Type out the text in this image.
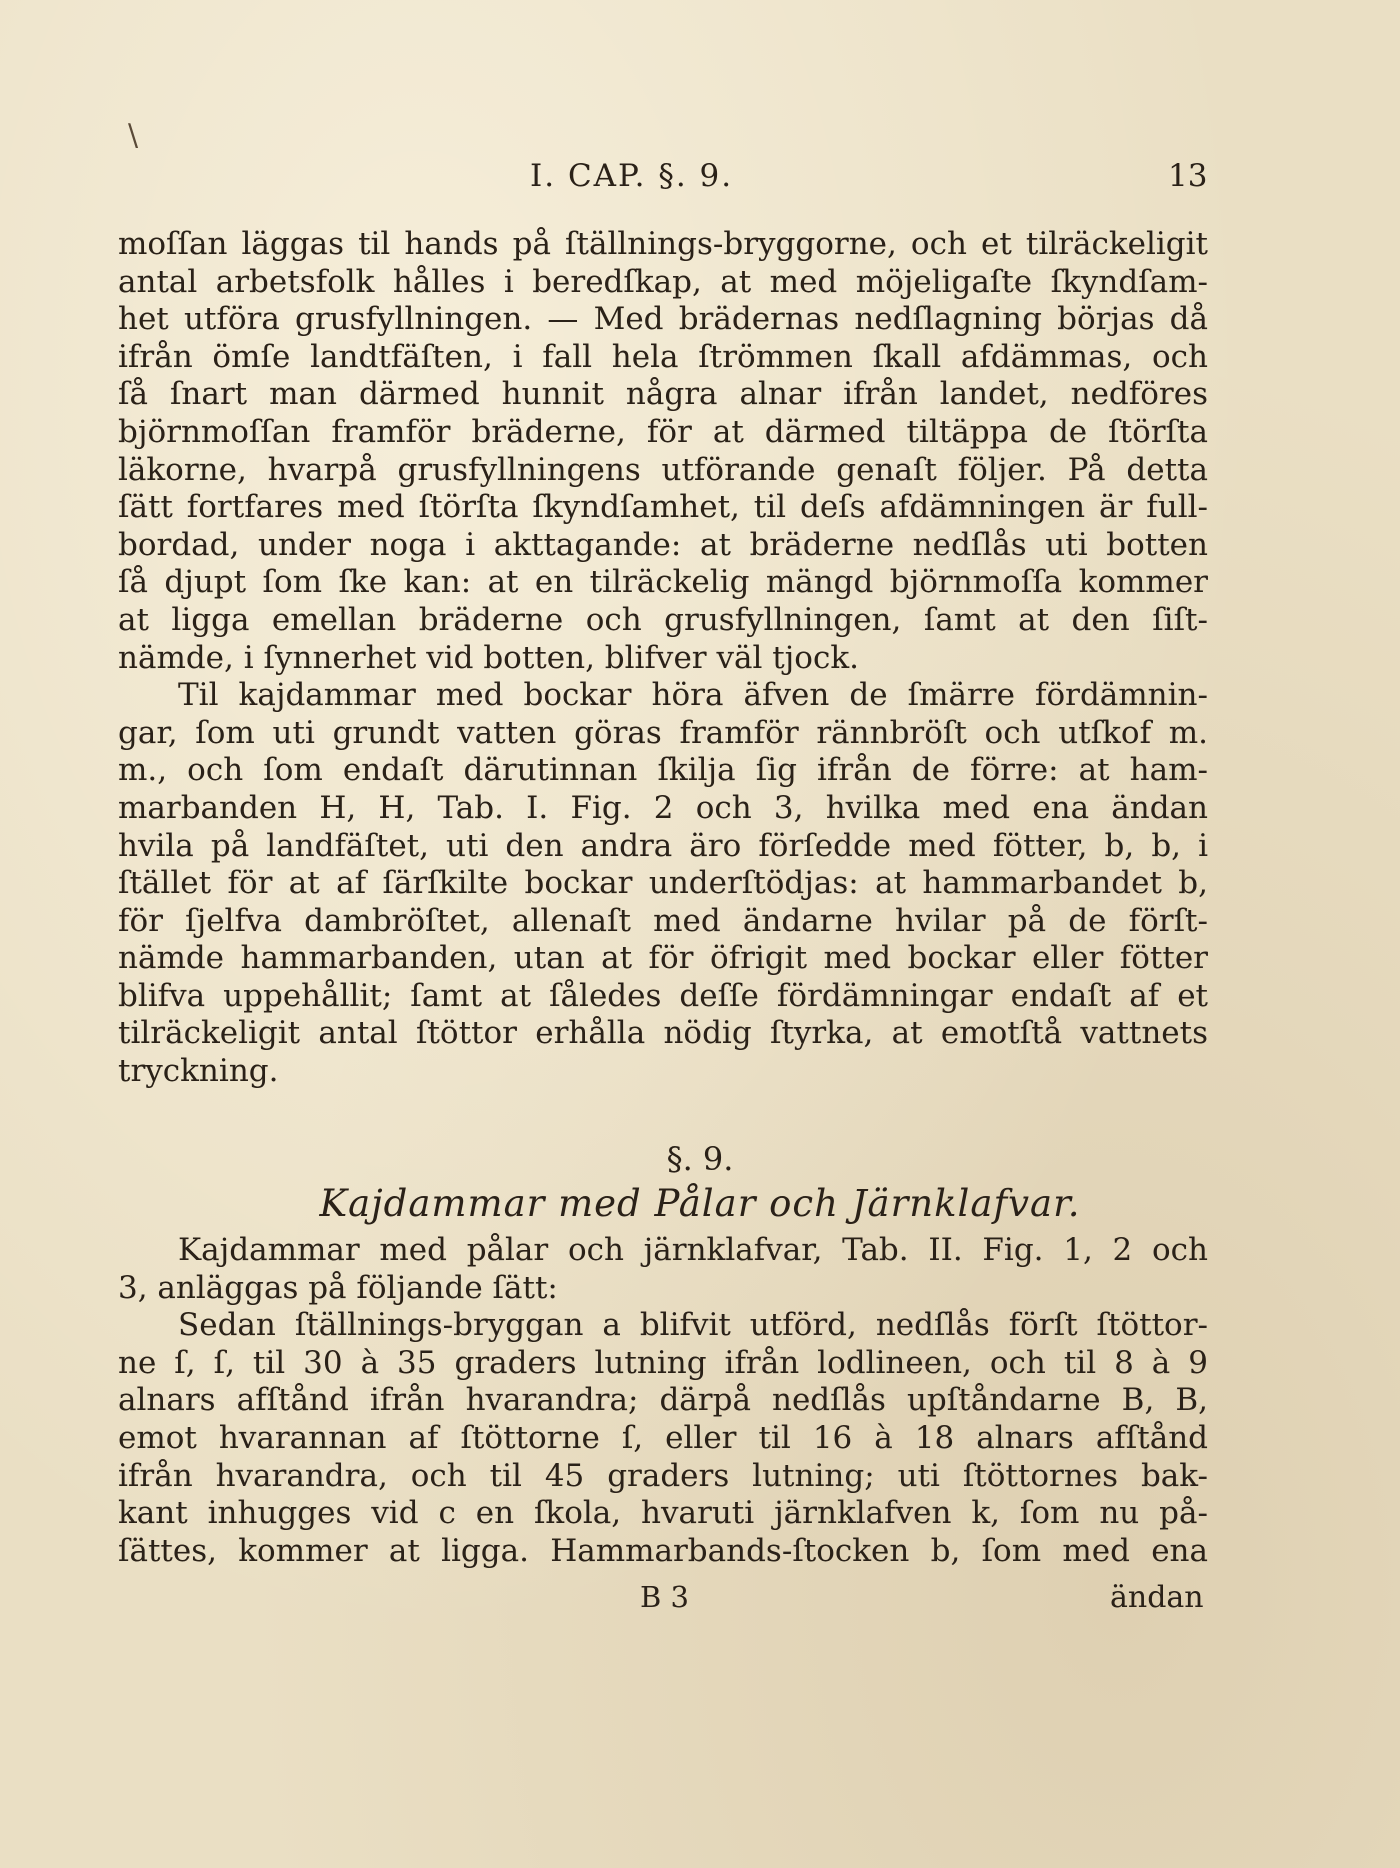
\
I. CAP. §. 9.	13
moſſan läggas til hands på ſtällnings-bryggorne, och et tilräckeligit
antal arbetsfolk hålles i beredſkap, at med möjeligaſte ſkyndſam-
het utföra grusfyllningen. — Med brädernas nedſlagning börjas då
ifrån ömſe landtfäſten, i fall hela ſtrömmen ſkall afdämmas, och
ſå ſnart man därmed hunnit några alnar ifrån landet, nedföres
björnmoſſan framför bräderne, för at därmed tiltäppa de ſtörſta
läkorne, hvarpå grusfyllningens utförande genaſt följer. På detta
ſätt fortfares med ſtörſta ſkyndſamhet, til deſs afdämningen är full-
bordad, under noga i akttagande: at bräderne nedſlås uti botten
ſå djupt ſom ſke kan: at en tilräckelig mängd björnmoſſa kommer
at ligga emellan bräderne och grusfyllningen, ſamt at den ſiſt-
nämde, i ſynnerhet vid botten, blifver väl tjock.
Til kajdammar med bockar höra äfven de ſmärre fördämnin-
gar, ſom uti grundt vatten göras framför rännbröſt och utſkof m.
m., och ſom endaſt därutinnan ſkilja ſig ifrån de förre: at ham-
marbanden H, H, Tab. I. Fig. 2 och 3, hvilka med ena ändan
hvila på landfäſtet, uti den andra äro förſedde med fötter, b, b, i
ſtället för at af ſärſkilte bockar underſtödjas: at hammarbandet b,
för ſjelfva dambröſtet, allenaſt med ändarne hvilar på de förſt-
nämde hammarbanden, utan at för öfrigit med bockar eller fötter
blifva uppehållit; ſamt at ſåledes deſſe fördämningar endaſt af et
tilräckeligit antal ſtöttor erhålla nödig ſtyrka, at emotſtå vattnets
tryckning.
§. 9.
Kajdammar med Pålar och Järnklafvar.
Kajdammar med pålar och järnklafvar, Tab. II. Fig. 1, 2 och
3, anläggas på följande ſätt:
Sedan ſtällnings-bryggan a blifvit utförd, nedſlås förſt ſtöttor-
ne ſ, ſ, til 30 à 35 graders lutning ifrån lodlineen, och til 8 à 9
alnars afſtånd ifrån hvarandra; därpå nedſlås upſtåndarne B, B,
emot hvarannan af ſtöttorne ſ, eller til 16 à 18 alnars afſtånd
ifrån hvarandra, och til 45 graders lutning; uti ſtöttornes bak-
kant inhugges vid c en ſkola, hvaruti järnklafven k, ſom nu på-
ſättes, kommer at ligga. Hammarbands-ſtocken b, ſom med ena
B 3	ändan
